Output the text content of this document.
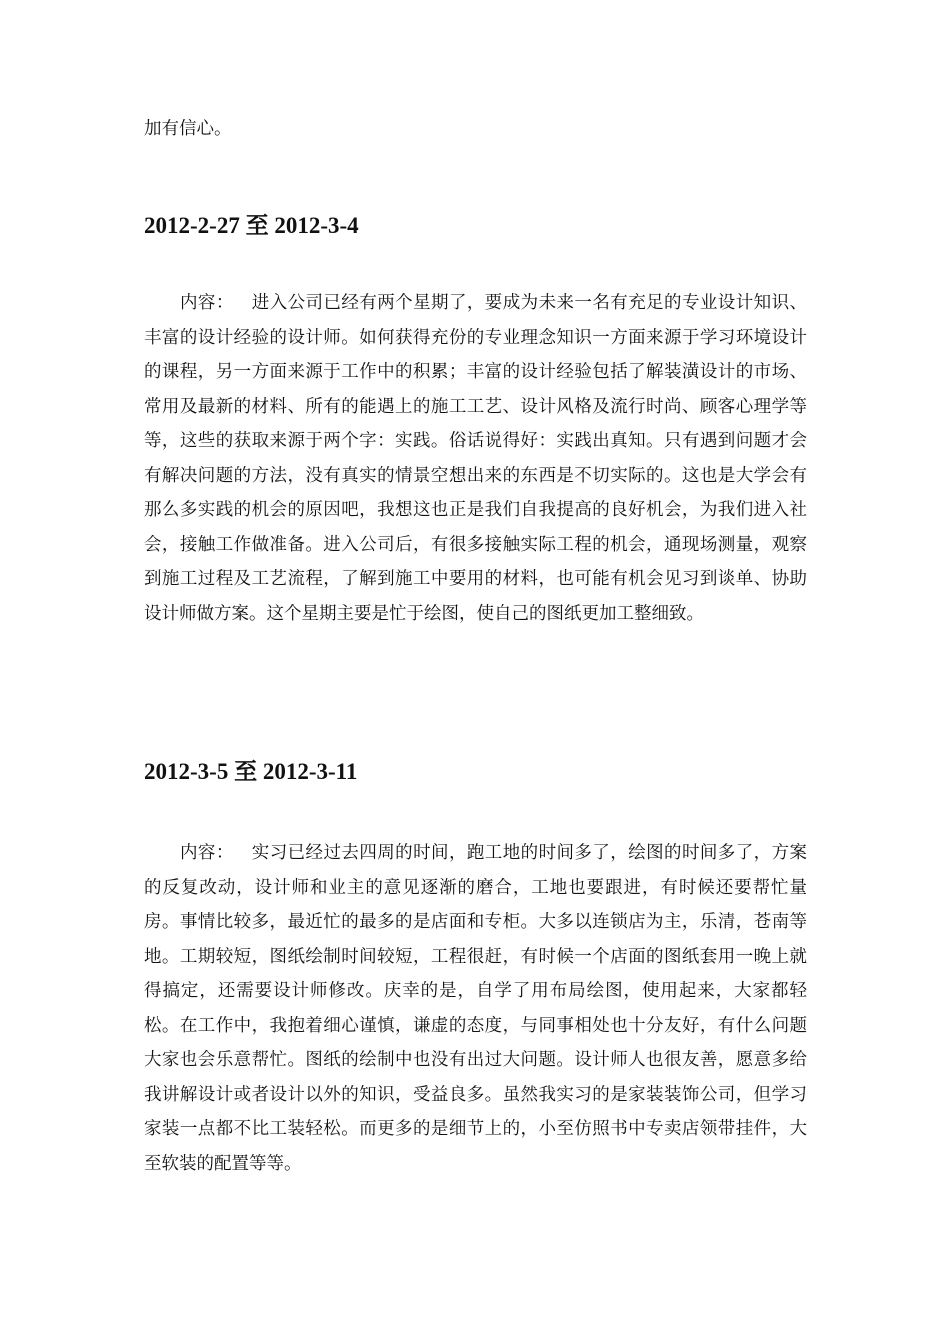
加有信心。

2012-2-27 至 2012-3-4

内容： 进入公司已经有两个星期了，要成为未来一名有充足的专业设计知识、丰富的设计经验的设计师。如何获得充份的专业理念知识一方面来源于学习环境设计的课程，另一方面来源于工作中的积累；丰富的设计经验包括了解装潢设计的市场、常用及最新的材料、所有的能遇上的施工工艺、设计风格及流行时尚、顾客心理学等等，这些的获取来源于两个字：实践。俗话说得好：实践出真知。只有遇到问题才会有解决问题的方法，没有真实的情景空想出来的东西是不切实际的。这也是大学会有那么多实践的机会的原因吧，我想这也正是我们自我提高的良好机会，为我们进入社会，接触工作做准备。进入公司后，有很多接触实际工程的机会，通现场测量，观察到施工过程及工艺流程，了解到施工中要用的材料，也可能有机会见习到谈单、协助设计师做方案。这个星期主要是忙于绘图，使自己的图纸更加工整细致。

2012-3-5 至 2012-3-11

内容： 实习已经过去四周的时间，跑工地的时间多了，绘图的时间多了，方案的反复改动，设计师和业主的意见逐渐的磨合，工地也要跟进，有时候还要帮忙量房。事情比较多，最近忙的最多的是店面和专柜。大多以连锁店为主，乐清，苍南等地。工期较短，图纸绘制时间较短，工程很赶，有时候一个店面的图纸套用一晚上就得搞定，还需要设计师修改。庆幸的是，自学了用布局绘图，使用起来，大家都轻松。在工作中，我抱着细心谨慎，谦虚的态度，与同事相处也十分友好，有什么问题大家也会乐意帮忙。图纸的绘制中也没有出过大问题。设计师人也很友善，愿意多给我讲解设计或者设计以外的知识，受益良多。虽然我实习的是家装装饰公司，但学习家装一点都不比工装轻松。而更多的是细节上的，小至仿照书中专卖店领带挂件，大至软装的配置等等。
